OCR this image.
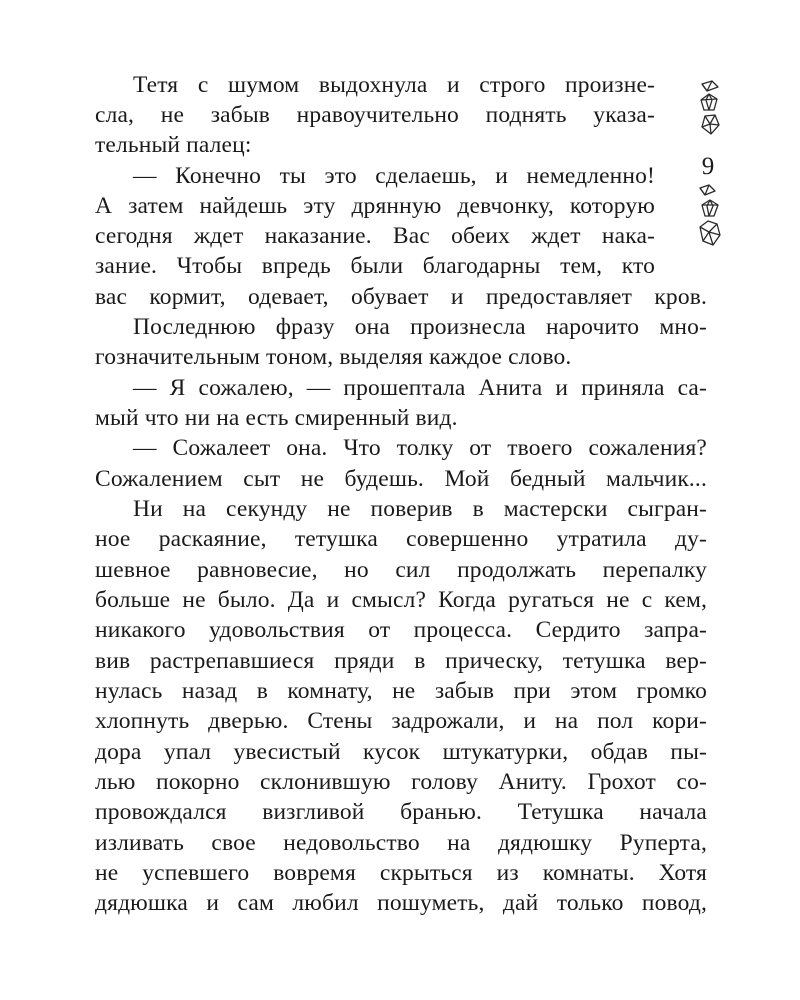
Тетя с шумом выдохнула и строго произне-
сла, не забыв нравоучительно поднять указа-
тельный палец:
— Конечно ты это сделаешь, и немедленно!
А затем найдешь эту дрянную девчонку, которую
сегодня ждет наказание. Вас обеих ждет нака-
зание. Чтобы впредь были благодарны тем, кто
вас кормит, одевает, обувает и предоставляет кров.
Последнюю фразу она произнесла нарочито мно-
гозначительным тоном, выделяя каждое слово.
— Я сожалею, — прошептала Анита и приняла са-
мый что ни на есть смиренный вид.
— Сожалеет она. Что толку от твоего сожаления?
Сожалением сыт не будешь. Мой бедный мальчик...
Ни на секунду не поверив в мастерски сыгран-
ное раскаяние, тетушка совершенно утратила ду-
шевное равновесие, но сил продолжать перепалку
больше не было. Да и смысл? Когда ругаться не с кем,
никакого удовольствия от процесса. Сердито запра-
вив растрепавшиеся пряди в прическу, тетушка вер-
нулась назад в комнату, не забыв при этом громко
хлопнуть дверью. Стены задрожали, и на пол кори-
дора упал увесистый кусок штукатурки, обдав пы-
лью покорно склонившую голову Аниту. Грохот со-
провождался визгливой бранью. Тетушка начала
изливать свое недовольство на дядюшку Руперта,
не успевшего вовремя скрыться из комнаты. Хотя
дядюшка и сам любил пошуметь, дай только повод,
9
